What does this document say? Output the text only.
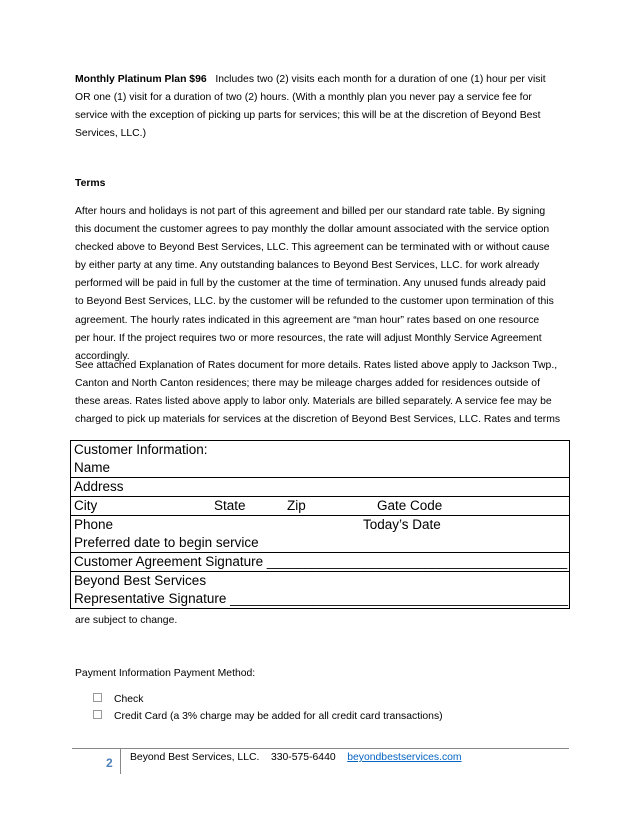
Monthly Platinum Plan $96 Includes two (2) visits each month for a duration of one (1) hour per visit
OR one (1) visit for a duration of two (2) hours. (With a monthly plan you never pay a service fee for
service with the exception of picking up parts for services; this will be at the discretion of Beyond Best
Services, LLC.)
Terms
After hours and holidays is not part of this agreement and billed per our standard rate table. By signing
this document the customer agrees to pay monthly the dollar amount associated with the service option
checked above to Beyond Best Services, LLC. This agreement can be terminated with or without cause
by either party at any time. Any outstanding balances to Beyond Best Services, LLC. for work already
performed will be paid in full by the customer at the time of termination. Any unused funds already paid
to Beyond Best Services, LLC. by the customer will be refunded to the customer upon termination of this
agreement. The hourly rates indicated in this agreement are “man hour” rates based on one resource
per hour. If the project requires two or more resources, the rate will adjust Monthly Service Agreement
accordingly.
See attached Explanation of Rates document for more details. Rates listed above apply to Jackson Twp.,
Canton and North Canton residences; there may be mileage charges added for residences outside of
these areas. Rates listed above apply to labor only. Materials are billed separately. A service fee may be
charged to pick up materials for services at the discretion of Beyond Best Services, LLC. Rates and terms
Customer Information:
Name
Address
City	State	Zip	Gate Code
Phone	Today’s Date
Preferred date to begin service
Customer Agreement Signature ________________________________________
Beyond Best Services
Representative Signature _____________________________________________
are subject to change.
Payment Information Payment Method:
Check
Credit Card (a 3% charge may be added for all credit card transactions)
2 Beyond Best Services, LLC. 330-575-6440 beyondbestservices.com
